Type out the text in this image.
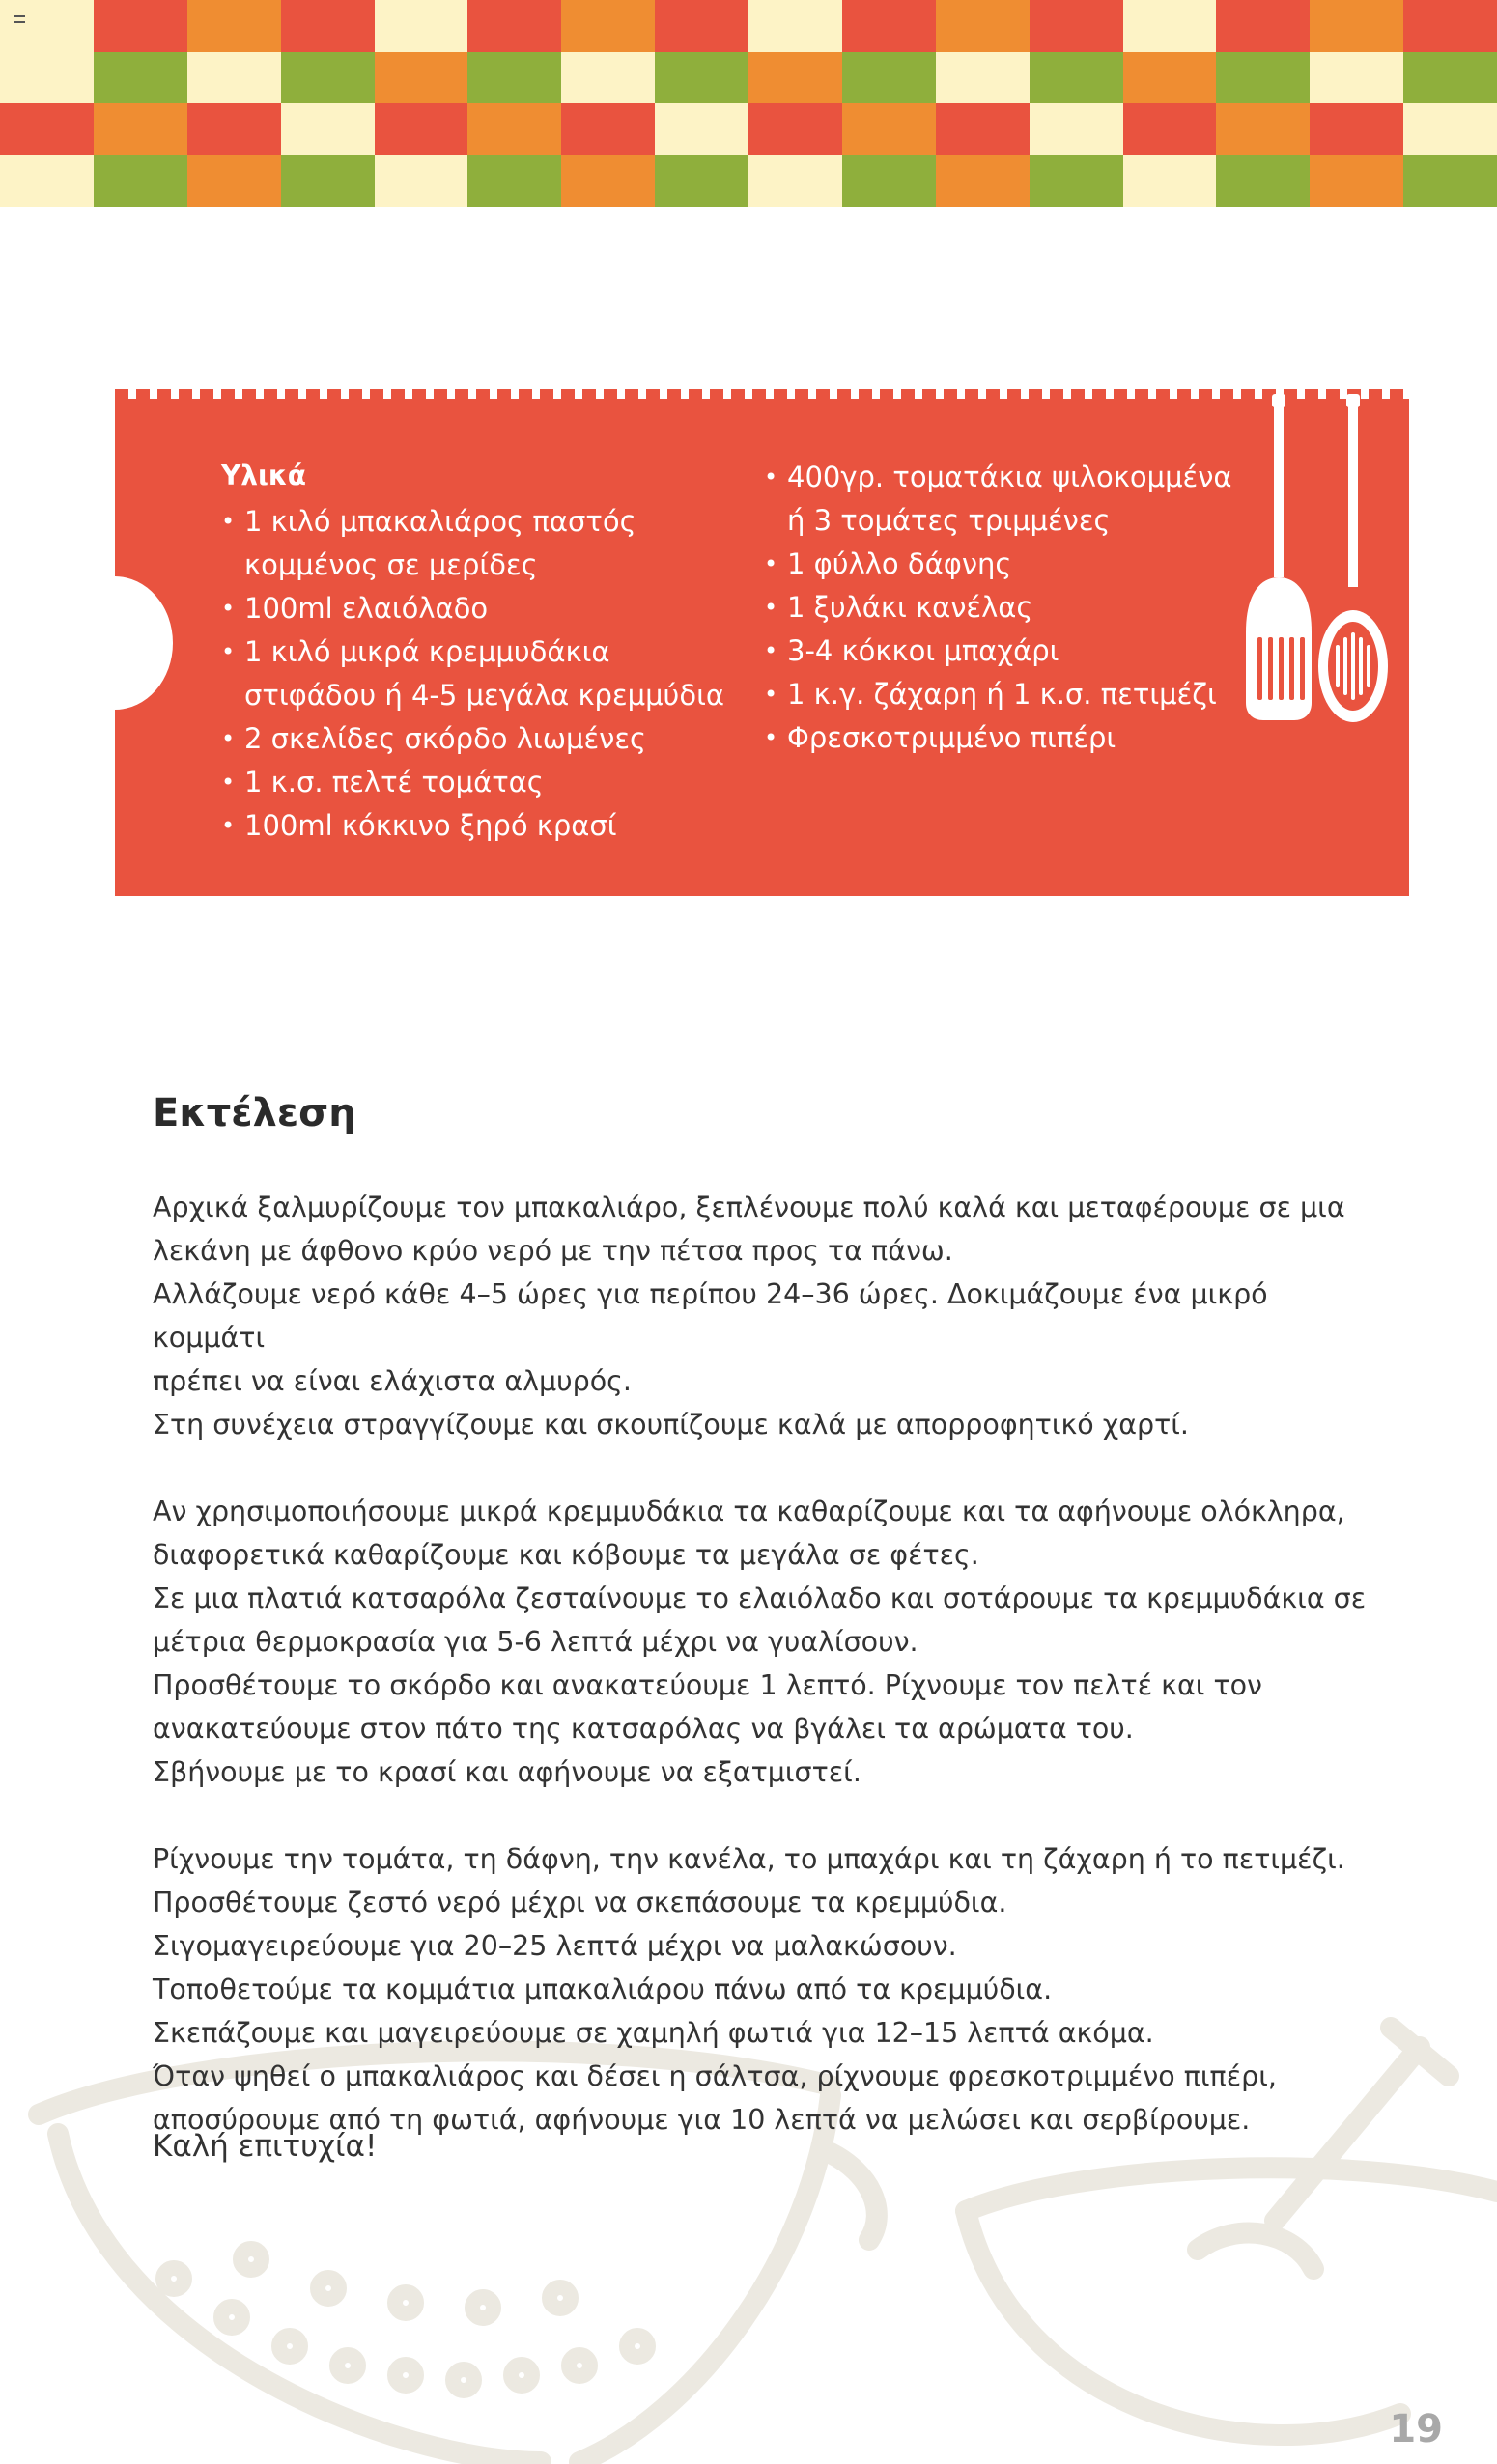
Υλικά
• 1 κιλό μπακαλιάρος παστός
κομμένος σε μερίδες
• 100ml ελαιόλαδο
• 1 κιλό μικρά κρεμμυδάκια
στιφάδου ή 4-5 μεγάλα κρεμμύδια
• 2 σκελίδες σκόρδο λιωμένες
• 1 κ.σ. πελτέ τομάτας
• 100ml κόκκινο ξηρό κρασί
• 400γρ. τοματάκια ψιλοκομμένα
ή 3 τομάτες τριμμένες
• 1 φύλλο δάφνης
• 1 ξυλάκι κανέλας
• 3-4 κόκκοι μπαχάρι
• 1 κ.γ. ζάχαρη ή 1 κ.σ. πετιμέζι
• Φρεσκοτριμμένο πιπέρι
Εκτέλεση

Αρχικά ξαλμυρίζουμε τον μπακαλιάρο, ξεπλένουμε πολύ καλά και μεταφέρουμε σε μια
λεκάνη με άφθονο κρύο νερό με την πέτσα προς τα πάνω.
Αλλάζουμε νερό κάθε 4–5 ώρες για περίπου 24–36 ώρες. Δοκιμάζουμε ένα μικρό κομμάτι
πρέπει να είναι ελάχιστα αλμυρός.
Στη συνέχεια στραγγίζουμε και σκουπίζουμε καλά με απορροφητικό χαρτί.

Αν χρησιμοποιήσουμε μικρά κρεμμυδάκια τα καθαρίζουμε και τα αφήνουμε ολόκληρα,
διαφορετικά καθαρίζουμε και κόβουμε τα μεγάλα σε φέτες.
Σε μια πλατιά κατσαρόλα ζεσταίνουμε το ελαιόλαδο και σοτάρουμε τα κρεμμυδάκια σε
μέτρια θερμοκρασία για 5-6 λεπτά μέχρι να γυαλίσουν.
Προσθέτουμε το σκόρδο και ανακατεύουμε 1 λεπτό. Ρίχνουμε τον πελτέ και τον
ανακατεύουμε στον πάτο της κατσαρόλας να βγάλει τα αρώματα του.
Σβήνουμε με το κρασί και αφήνουμε να εξατμιστεί.

Ρίχνουμε την τομάτα, τη δάφνη, την κανέλα, το μπαχάρι και τη ζάχαρη ή το πετιμέζι.
Προσθέτουμε ζεστό νερό μέχρι να σκεπάσουμε τα κρεμμύδια.
Σιγομαγειρεύουμε για 20–25 λεπτά μέχρι να μαλακώσουν.
Τοποθετούμε τα κομμάτια μπακαλιάρου πάνω από τα κρεμμύδια.
Σκεπάζουμε και μαγειρεύουμε σε χαμηλή φωτιά για 12–15 λεπτά ακόμα.
Όταν ψηθεί ο μπακαλιάρος και δέσει η σάλτσα, ρίχνουμε φρεσκοτριμμένο πιπέρι,
αποσύρουμε από τη φωτιά, αφήνουμε για 10 λεπτά να μελώσει και σερβίρουμε.

Καλή επιτυχία!

19
